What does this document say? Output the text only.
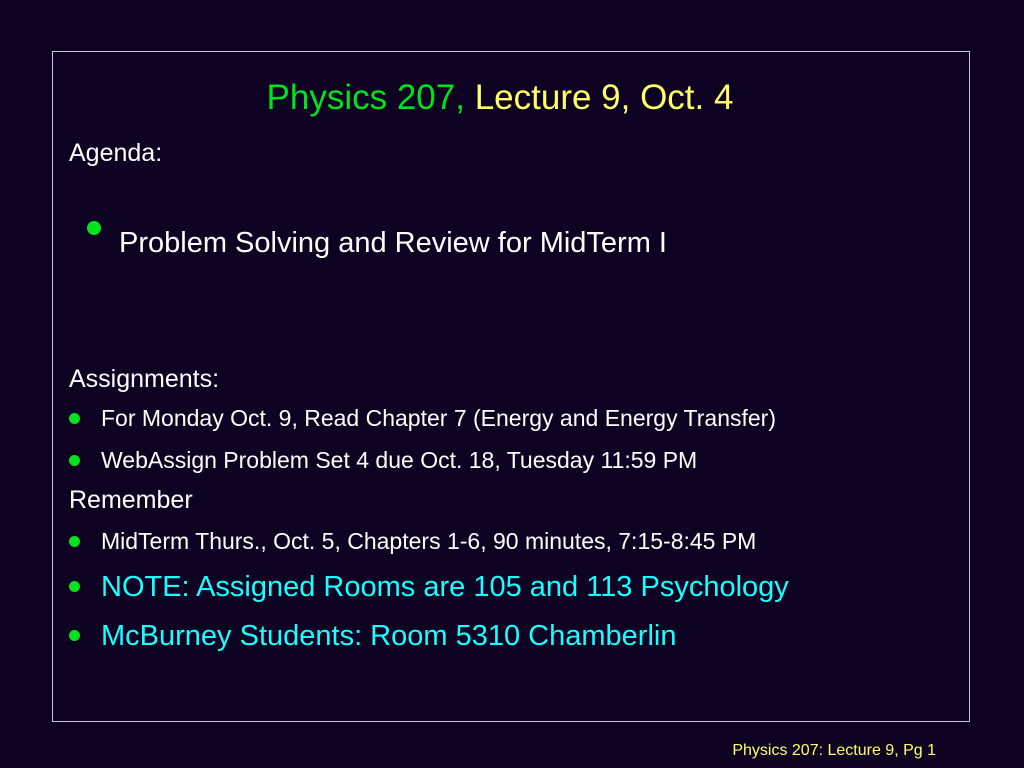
Physics 207, Lecture 9, Oct. 4
Agenda:
Problem Solving and Review for MidTerm I
Assignments:
For Monday Oct. 9, Read Chapter 7 (Energy and Energy Transfer)
WebAssign Problem Set 4 due Oct. 18, Tuesday 11:59 PM
Remember
MidTerm Thurs., Oct. 5, Chapters 1-6, 90 minutes, 7:15-8:45 PM
NOTE: Assigned Rooms are 105 and 113 Psychology
McBurney Students: Room 5310 Chamberlin
Physics 207: Lecture 9, Pg 1
